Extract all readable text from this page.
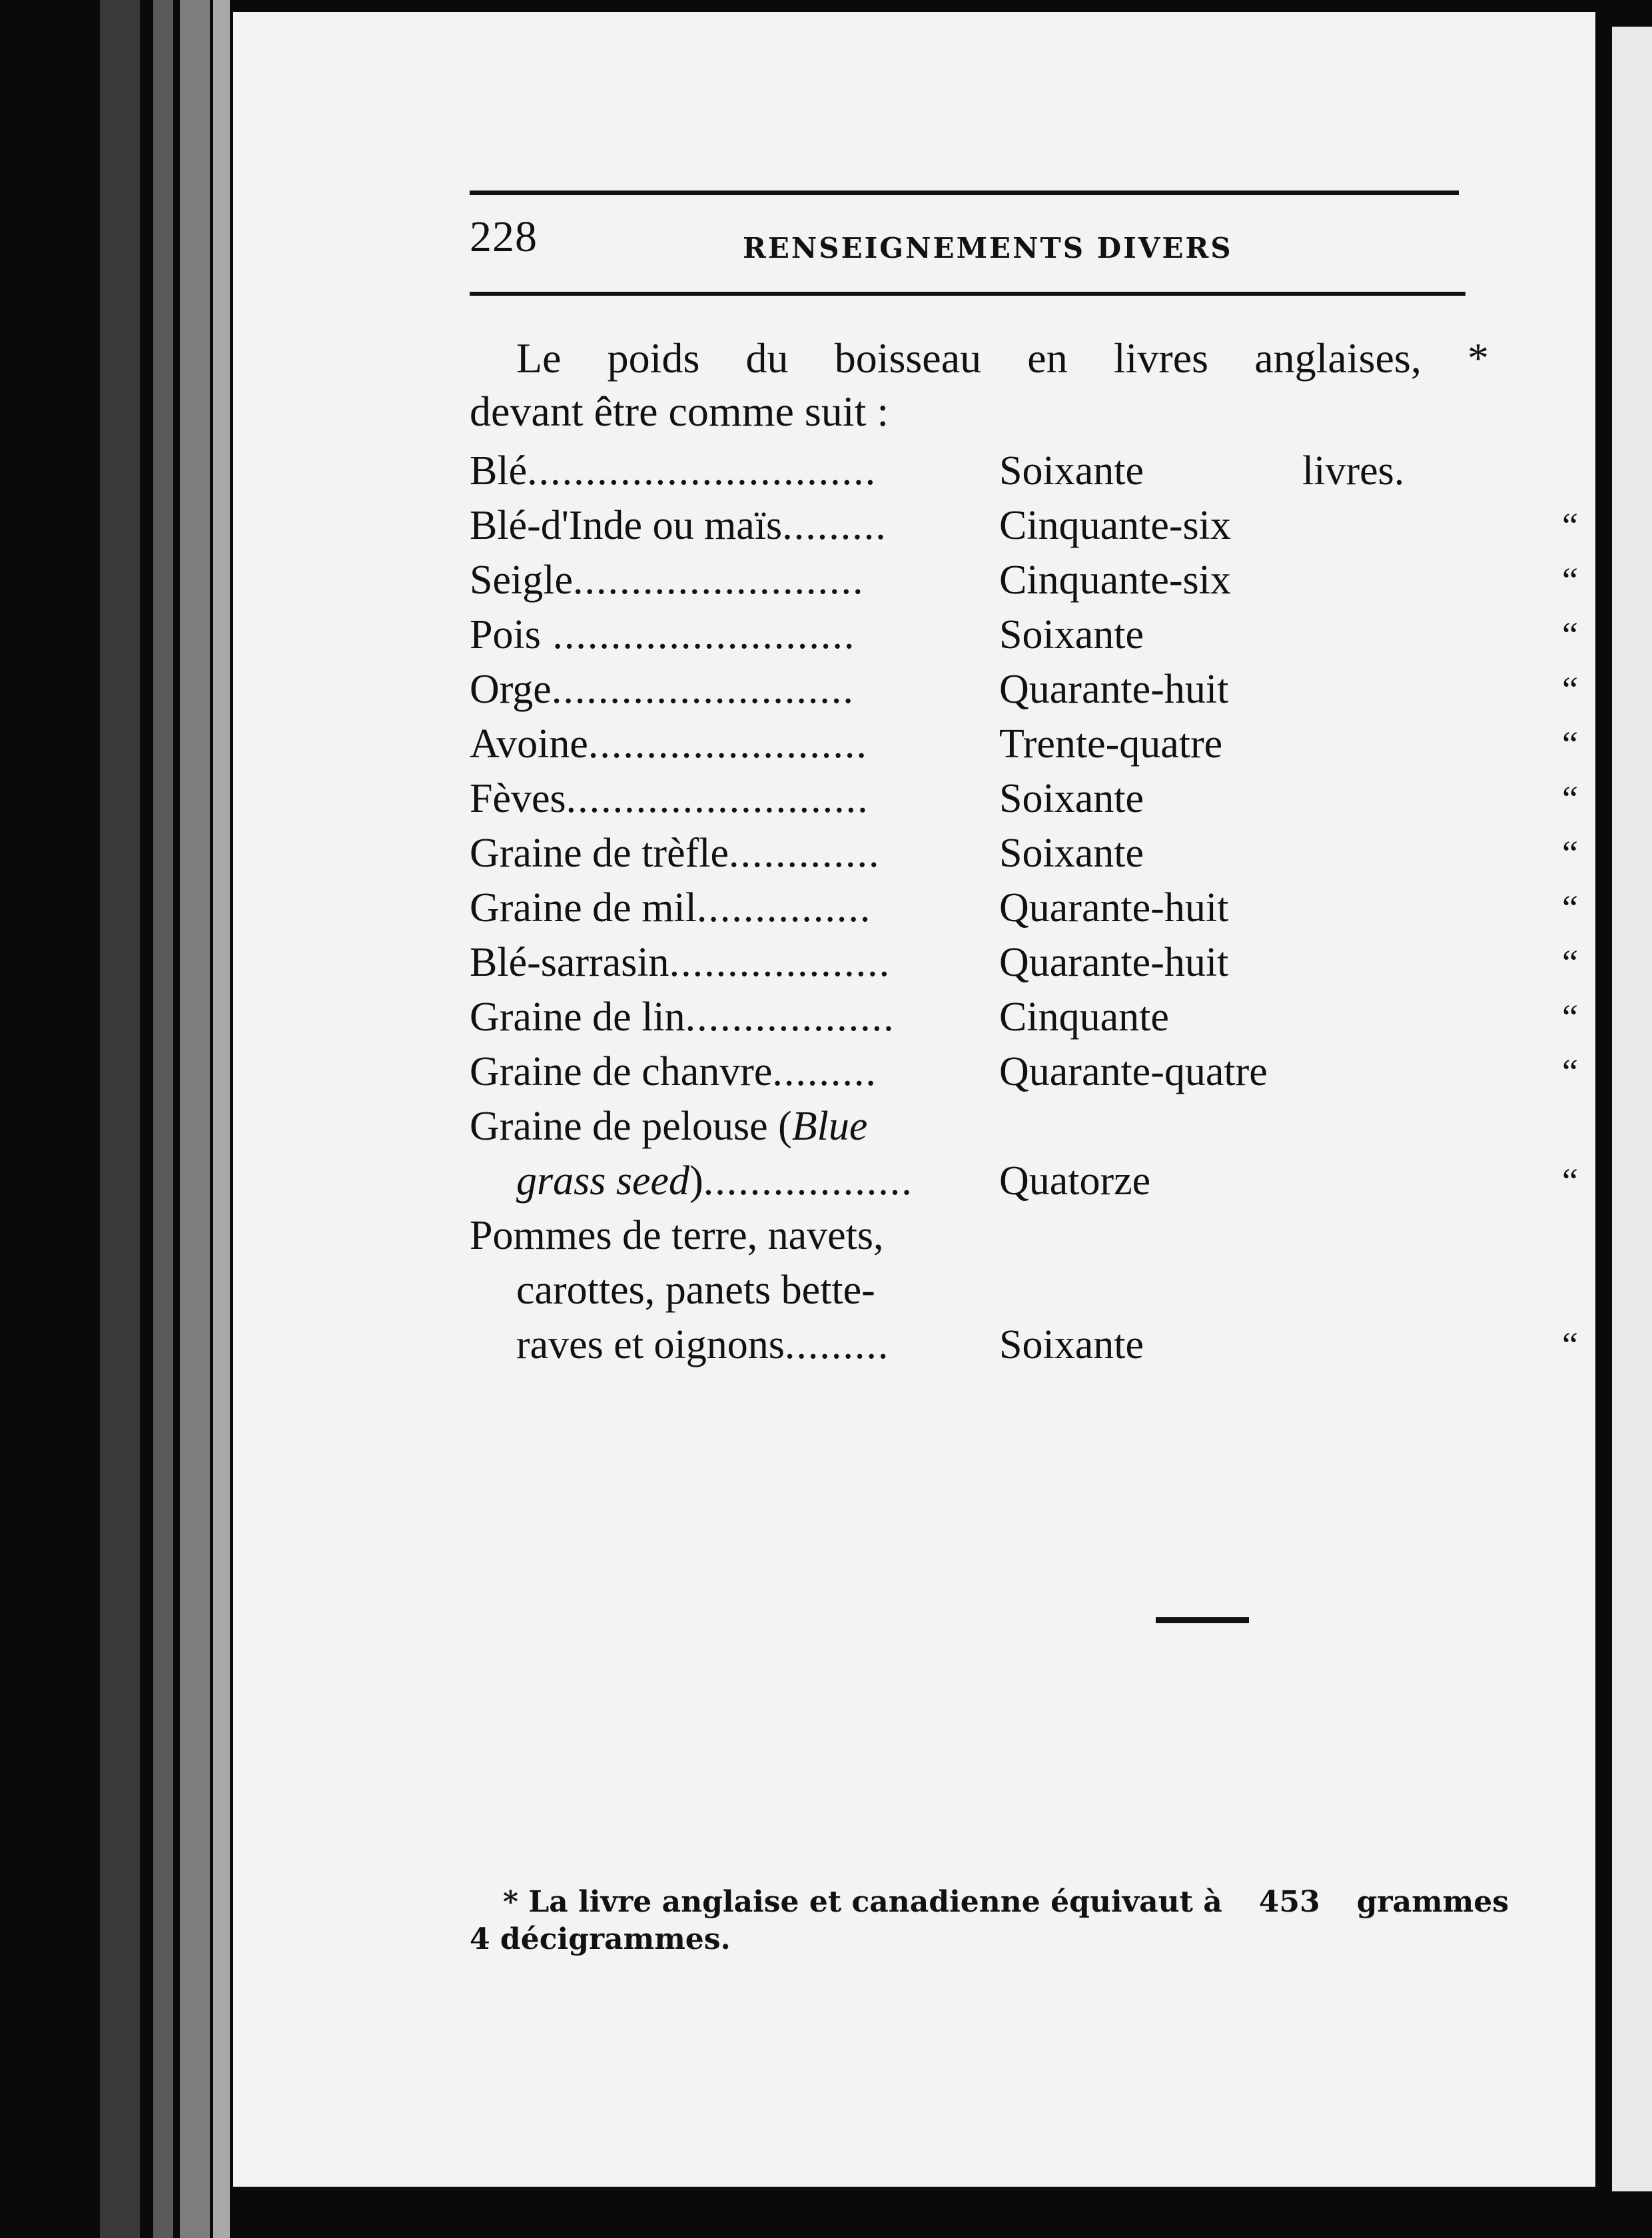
228	RENSEIGNEMENTS DIVERS
Le poids du boisseau en livres anglaises, *
devant être comme suit :
Blé..............................	Soixante	livres.
Blé-d'Inde ou maïs.........	Cinquante-six	“
Seigle.........................	Cinquante-six	“
Pois ..........................	Soixante	“
Orge..........................	Quarante-huit	“
Avoine........................	Trente-quatre	“
Fèves..........................	Soixante	“
Graine de trèfle.............	Soixante	“
Graine de mil...............	Quarante-huit	“
Blé-sarrasin...................	Quarante-huit	“
Graine de lin..................	Cinquante	“
Graine de chanvre.........	Quarante-quatre	“
Graine de pelouse (Blue
grass seed).................. Quatorze	“
Pommes de terre, navets,
carottes, panets bette-
raves et oignons.........	Soixante	“
* La livre anglaise et canadienne équivaut à 453 grammes
4 décigrammes.
